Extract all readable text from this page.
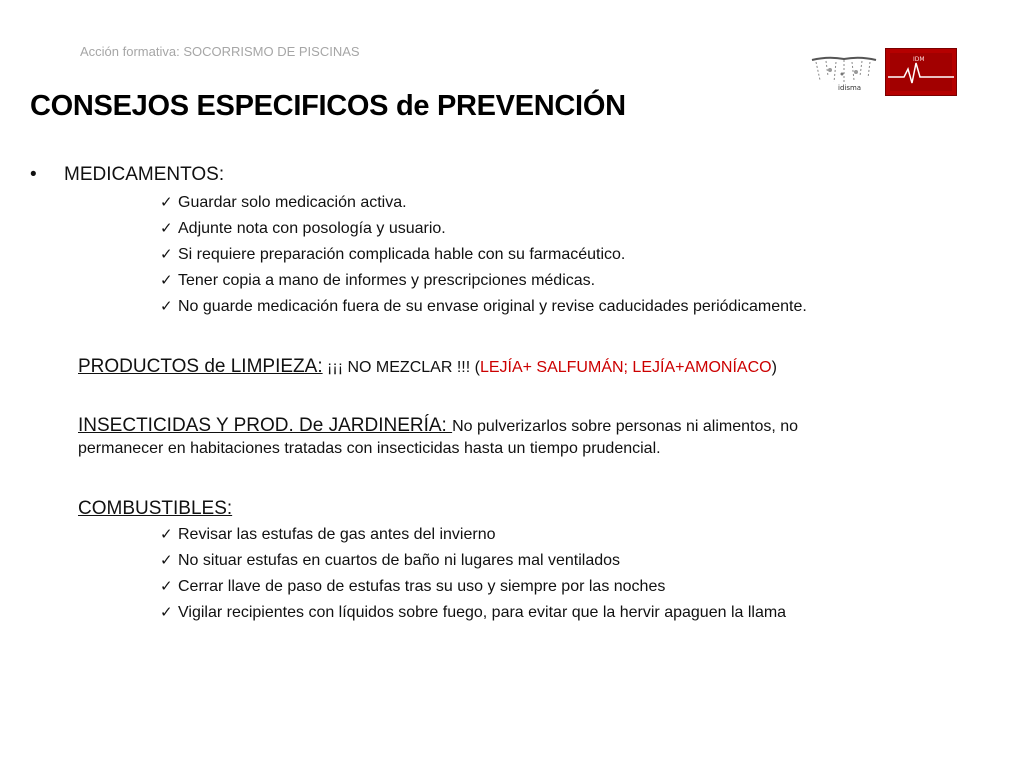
Acción formativa: SOCORRISMO DE PISCINAS
idisma
IDM
CONSEJOS ESPECIFICOS de PREVENCIÓN
• MEDICAMENTOS:
✓ Guardar solo medicación activa.
✓ Adjunte nota con posología y usuario.
✓ Si requiere preparación complicada hable con su farmacéutico.
✓ Tener copia a mano de informes y prescripciones médicas.
✓ No guarde medicación fuera de su envase original y revise caducidades periódicamente.
PRODUCTOS de LIMPIEZA: ¡¡¡ NO MEZCLAR !!! (LEJÍA+ SALFUMÁN; LEJÍA+AMONÍACO)
INSECTICIDAS Y PROD. De JARDINERÍA: No pulverizarlos sobre personas ni alimentos, no
permanecer en habitaciones tratadas con insecticidas hasta un tiempo prudencial.
COMBUSTIBLES:
✓ Revisar las estufas de gas antes del invierno
✓ No situar estufas en cuartos de baño ni lugares mal ventilados
✓ Cerrar llave de paso de estufas tras su uso y siempre por las noches
✓ Vigilar recipientes con líquidos sobre fuego, para evitar que la hervir apaguen la llama
